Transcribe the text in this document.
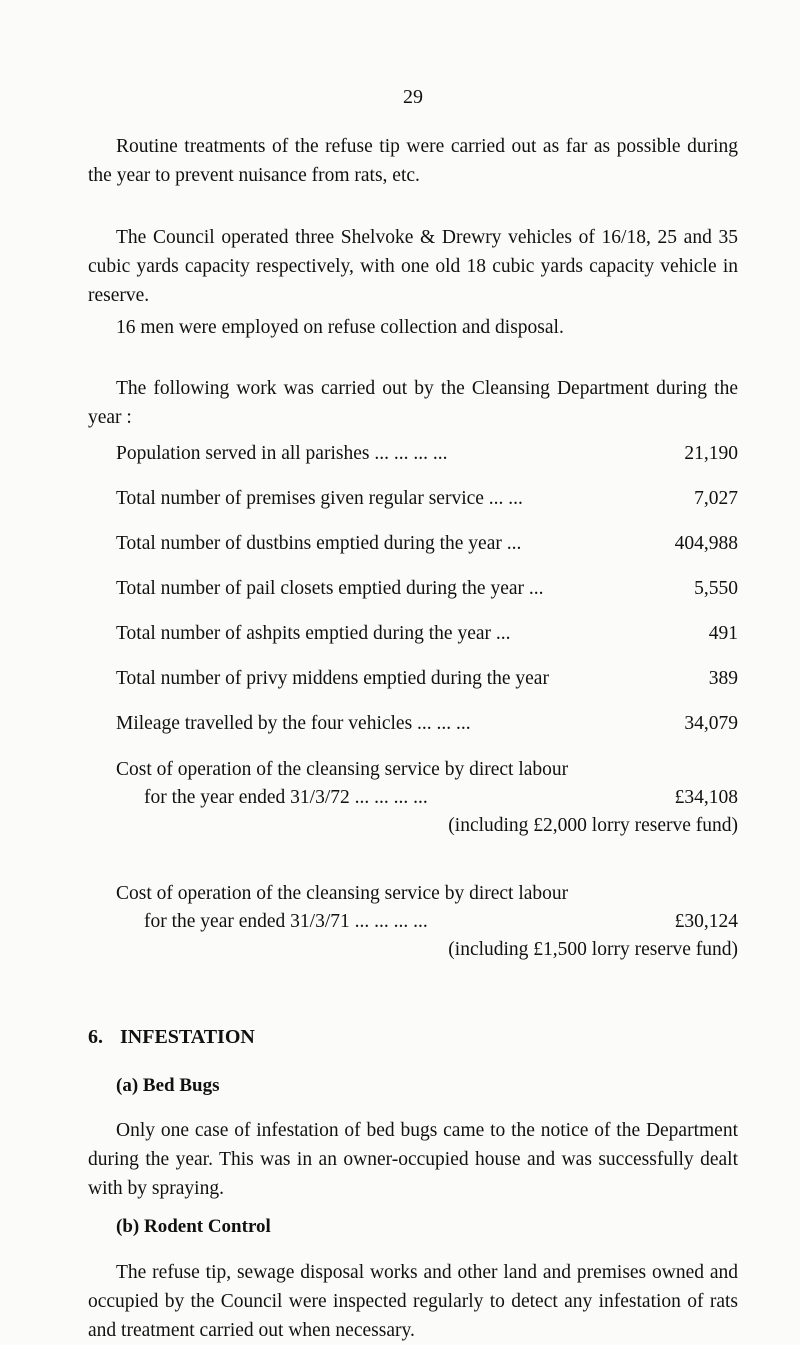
29

Routine treatments of the refuse tip were carried out as far as possible during the year to prevent nuisance from rats, etc.

The Council operated three Shelvoke & Drewry vehicles of 16/18, 25 and 35 cubic yards capacity respectively, with one old 18 cubic yards capacity vehicle in reserve.

16 men were employed on refuse collection and disposal.

The following work was carried out by the Cleansing Department during the year :

Population served in all parishes ... ... ... ...	21,190
Total number of premises given regular service ... ...	7,027
Total number of dustbins emptied during the year ...	404,988
Total number of pail closets emptied during the year ...	5,550
Total number of ashpits emptied during the year ...	491
Total number of privy middens emptied during the year	389
Mileage travelled by the four vehicles ... ... ...	34,079
Cost of operation of the cleansing service by direct labour
for the year ended 31/3/72 ... ... ... ...	£34,108
(including £2,000 lorry reserve fund)
Cost of operation of the cleansing service by direct labour
for the year ended 31/3/71 ... ... ... ...	£30,124
(including £1,500 lorry reserve fund)
6. INFESTATION
(a) Bed Bugs

Only one case of infestation of bed bugs came to the notice of the Department during the year. This was in an owner-occupied house and was successfully dealt with by spraying.

(b) Rodent Control

The refuse tip, sewage disposal works and other land and premises owned and occupied by the Council were inspected regularly to detect any infestation of rats and treatment carried out when necessary.
